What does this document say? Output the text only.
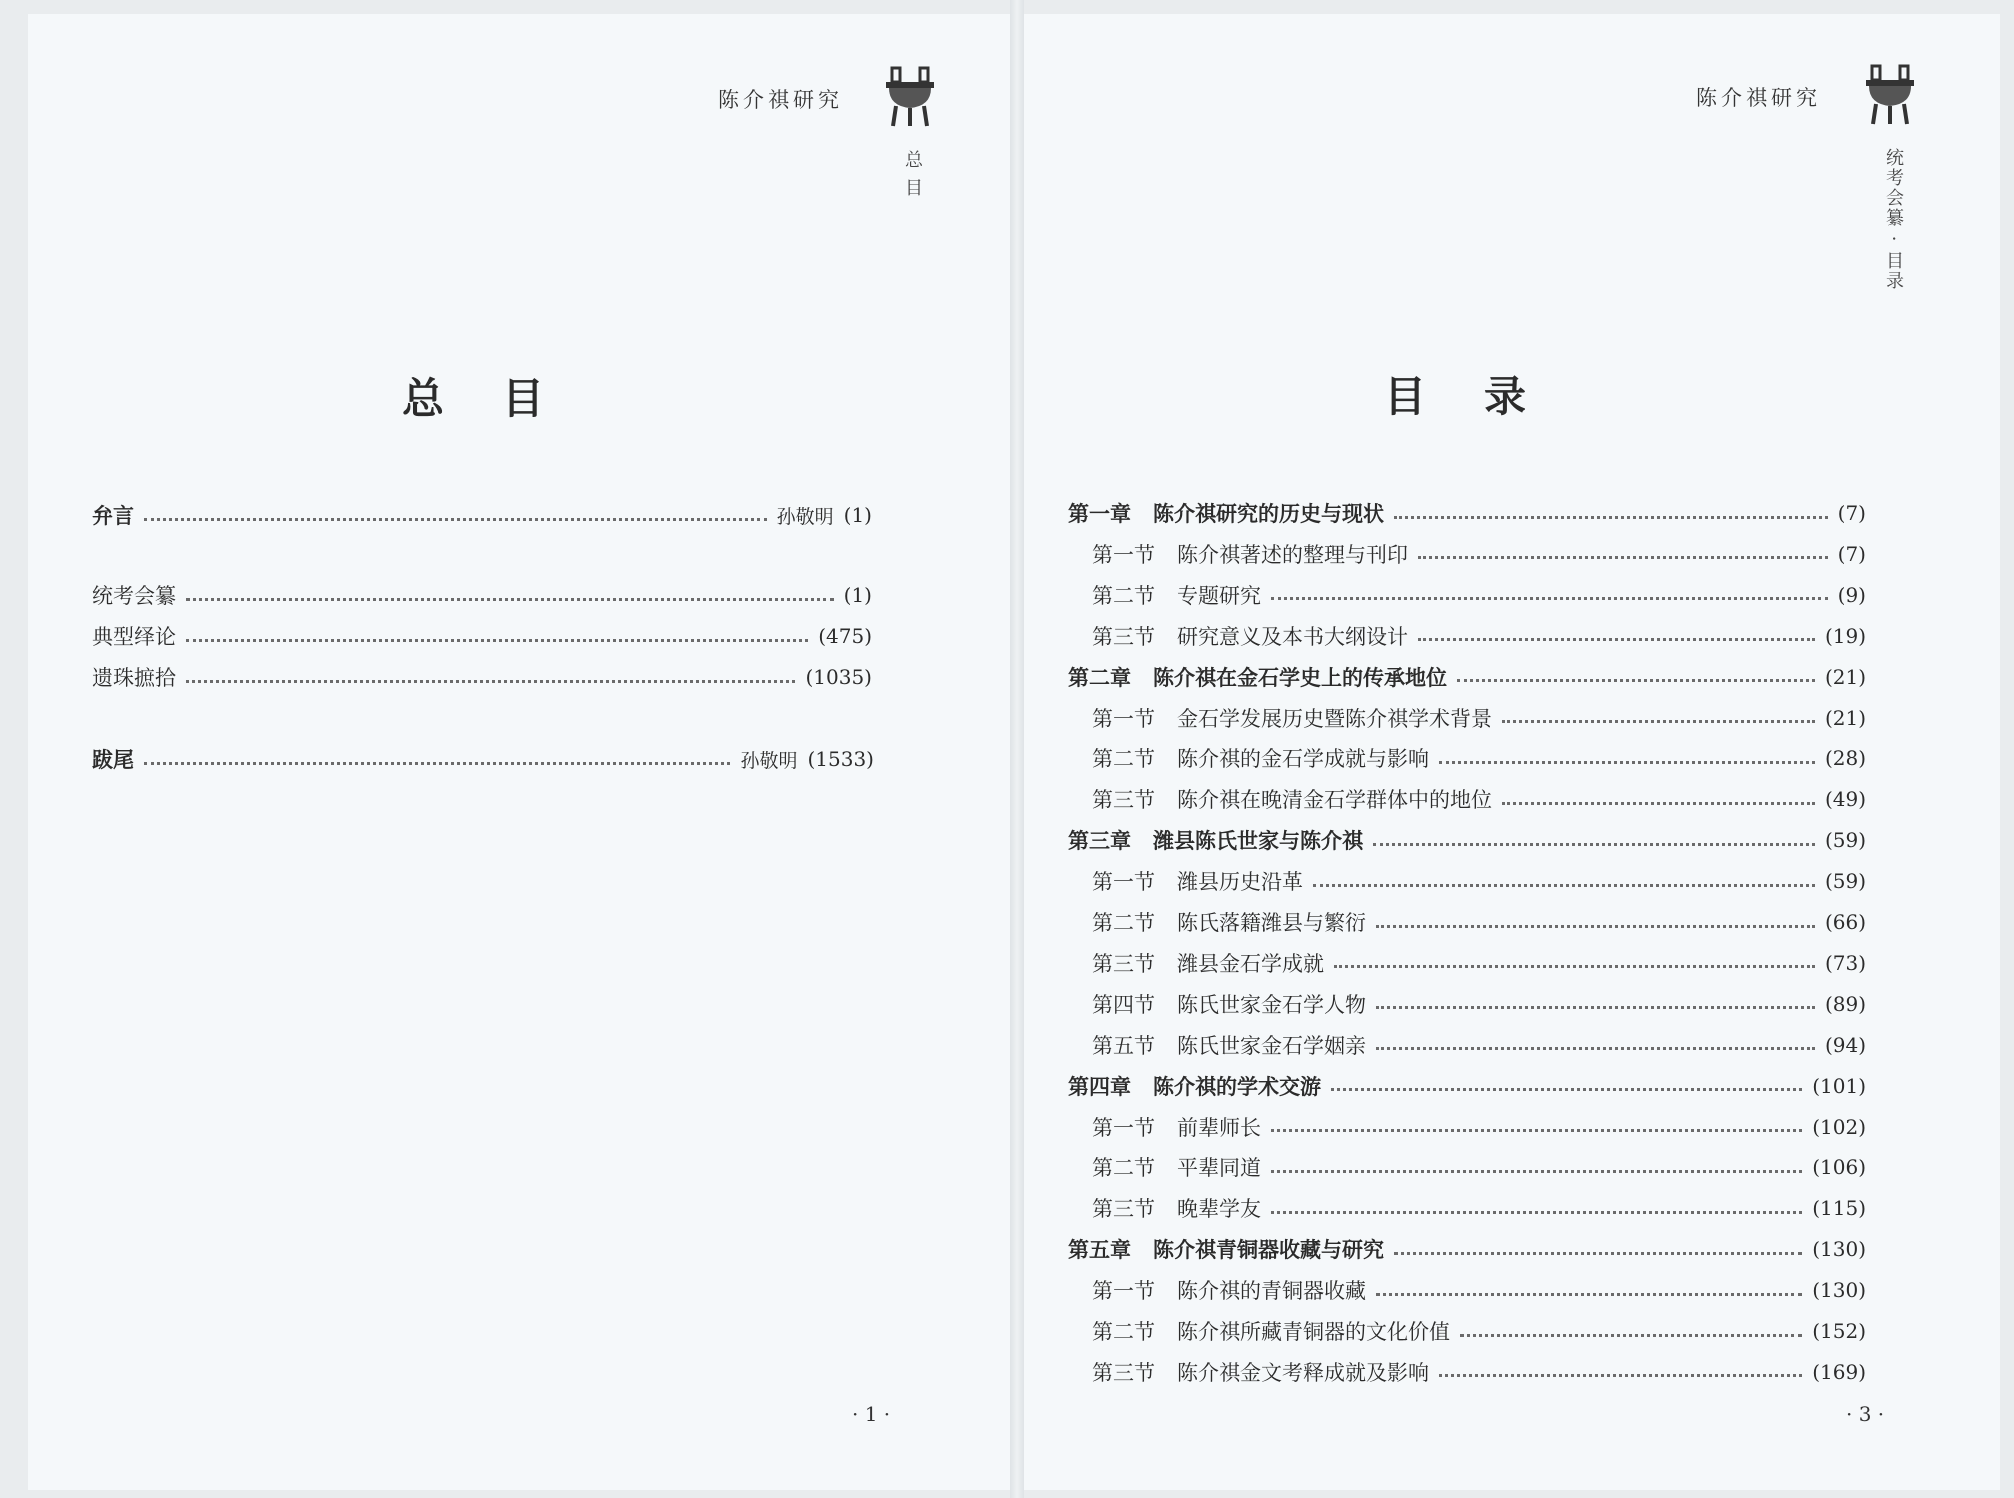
陈介祺研究
总目
总目
弁言	孙敬明 (1)
统考会纂	(1)
典型绎论	(475)
遗珠摭拾	(1035)
跋尾	孙敬明 (1533)
· 1 ·
陈介祺研究
统考会纂 · 目录
目录
第一章 陈介祺研究的历史与现状	(7)
第一节 陈介祺著述的整理与刊印	(7)
第二节 专题研究	(9)
第三节 研究意义及本书大纲设计	(19)
第二章 陈介祺在金石学史上的传承地位	(21)
第一节 金石学发展历史暨陈介祺学术背景	(21)
第二节 陈介祺的金石学成就与影响	(28)
第三节 陈介祺在晚清金石学群体中的地位	(49)
第三章 潍县陈氏世家与陈介祺	(59)
第一节 潍县历史沿革	(59)
第二节 陈氏落籍潍县与繁衍	(66)
第三节 潍县金石学成就	(73)
第四节 陈氏世家金石学人物	(89)
第五节 陈氏世家金石学姻亲	(94)
第四章 陈介祺的学术交游	(101)
第一节 前辈师长	(102)
第二节 平辈同道	(106)
第三节 晚辈学友	(115)
第五章 陈介祺青铜器收藏与研究	(130)
第一节 陈介祺的青铜器收藏	(130)
第二节 陈介祺所藏青铜器的文化价值	(152)
第三节 陈介祺金文考释成就及影响	(169)
· 3 ·
